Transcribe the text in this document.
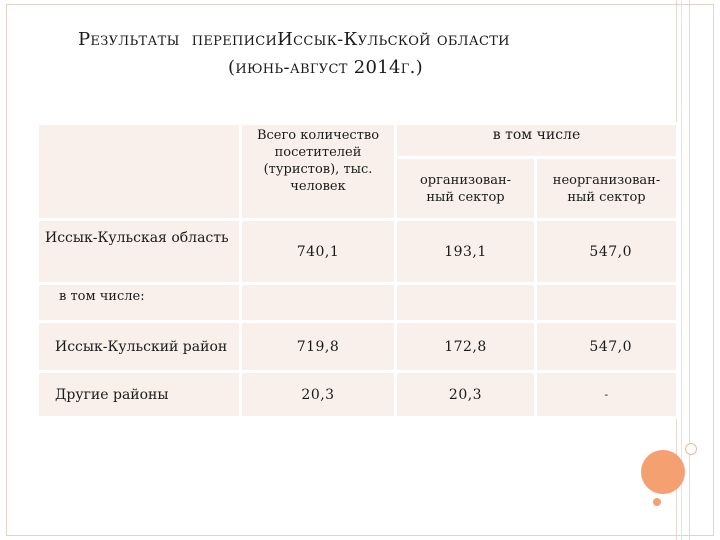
Результаты переписиИссык-Кульской области
(июнь-август 2014г.)
	Всего количество посетителей (туристов), тыс. человек	в том числе	
		организован-ный сектор	неорганизован-ный сектор
Иссык-Кульская область	740,1	193,1	547,0
в том числе:			
Иссык-Кульский район	719,8	172,8	547,0
Другие районы	20,3	20,3	-
